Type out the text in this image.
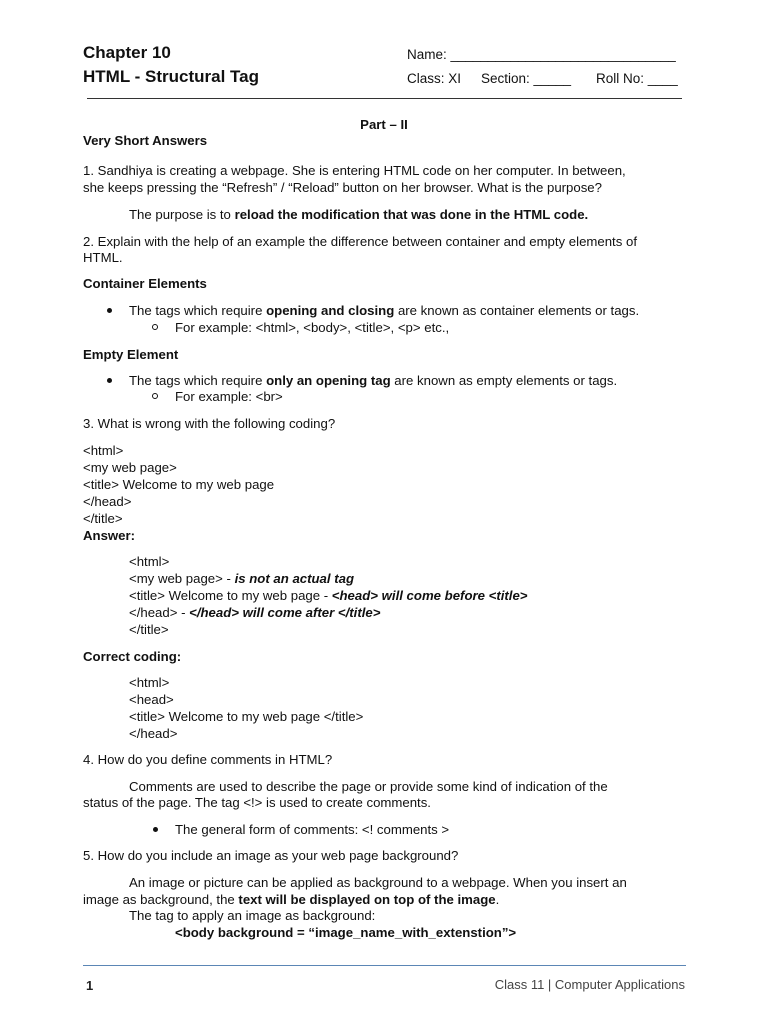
Chapter 10
HTML - Structural Tag
Name: ______________________________
Class: XI Section: _____ Roll No: ____
Part – II
Very Short Answers
1. Sandhiya is creating a webpage. She is entering HTML code on her computer. In between,
she keeps pressing the “Refresh” / “Reload” button on her browser. What is the purpose?
The purpose is to reload the modification that was done in the HTML code.
2. Explain with the help of an example the difference between container and empty elements of
HTML.
Container Elements
The tags which require opening and closing are known as container elements or tags.
For example: <html>, <body>, <title>, <p> etc.,
Empty Element
The tags which require only an opening tag are known as empty elements or tags.
For example: <br>
3. What is wrong with the following coding?
<html>
<my web page>
<title> Welcome to my web page
</head>
</title>
Answer:
<html>
<my web page> - is not an actual tag
<title> Welcome to my web page - <head> will come before <title>
</head> - </head> will come after </title>
</title>
Correct coding:
<html>
<head>
<title> Welcome to my web page </title>
</head>
4. How do you define comments in HTML?
Comments are used to describe the page or provide some kind of indication of the
status of the page. The tag <!> is used to create comments.
The general form of comments: <! comments >
5. How do you include an image as your web page background?
An image or picture can be applied as background to a webpage. When you insert an
image as background, the text will be displayed on top of the image.
The tag to apply an image as background:
<body background = “image_name_with_extenstion”>
1	Class 11 | Computer Applications
